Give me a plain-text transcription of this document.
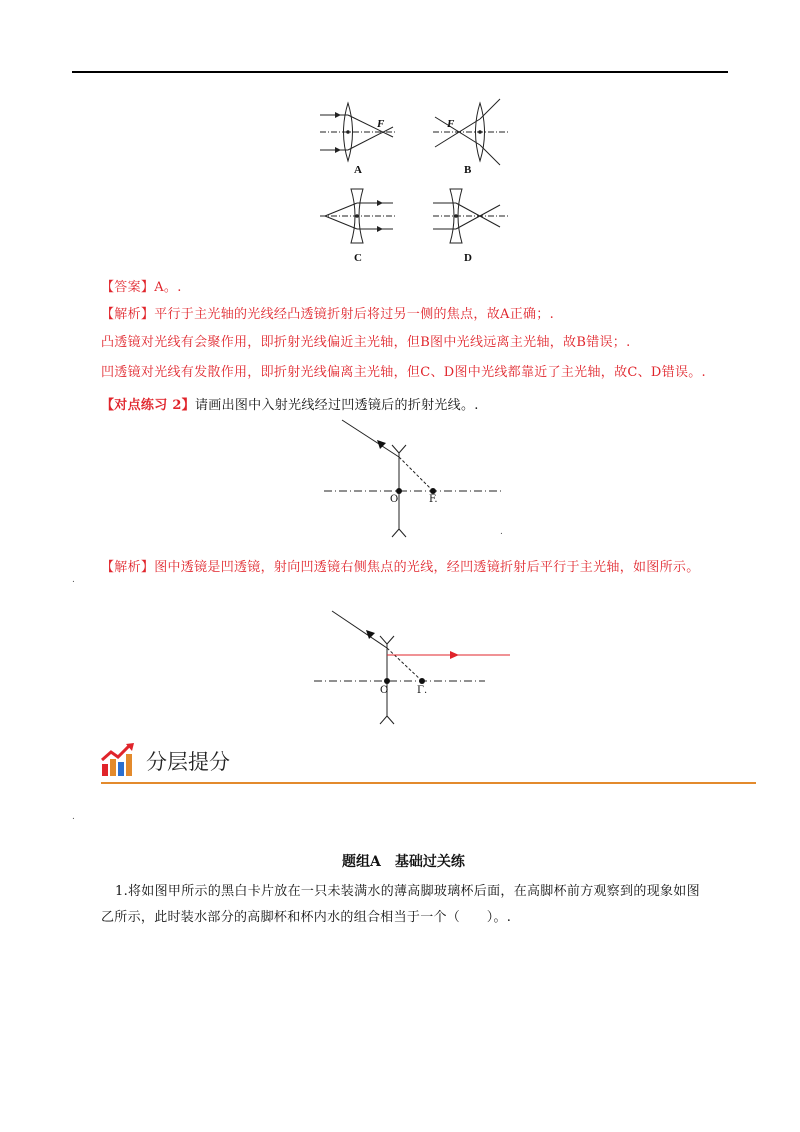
A	B
C	D
F	F
【答案】A。.
【解析】平行于主光轴的光线经凸透镜折射后将过另一侧的焦点，故A正确；.
凸透镜对光线有会聚作用，即折射光线偏近主光轴，但B图中光线远离主光轴，故B错误；.
凹透镜对光线有发散作用，即折射光线偏离主光轴，但C、D图中光线都靠近了主光轴，故C、D错误。.
【对点练习 2】请画出图中入射光线经过凹透镜后的折射光线。.
O	F.
.
【解析】图中透镜是凹透镜，射向凹透镜右侧焦点的光线，经凹透镜折射后平行于主光轴，如图所示。
.
O	Γ.
分层提分
.
题组A　基础过关练
1.将如图甲所示的黑白卡片放在一只未装满水的薄高脚玻璃杯后面，在高脚杯前方观察到的现象如图
乙所示，此时装水部分的高脚杯和杯内水的组合相当于一个（　　）。.
